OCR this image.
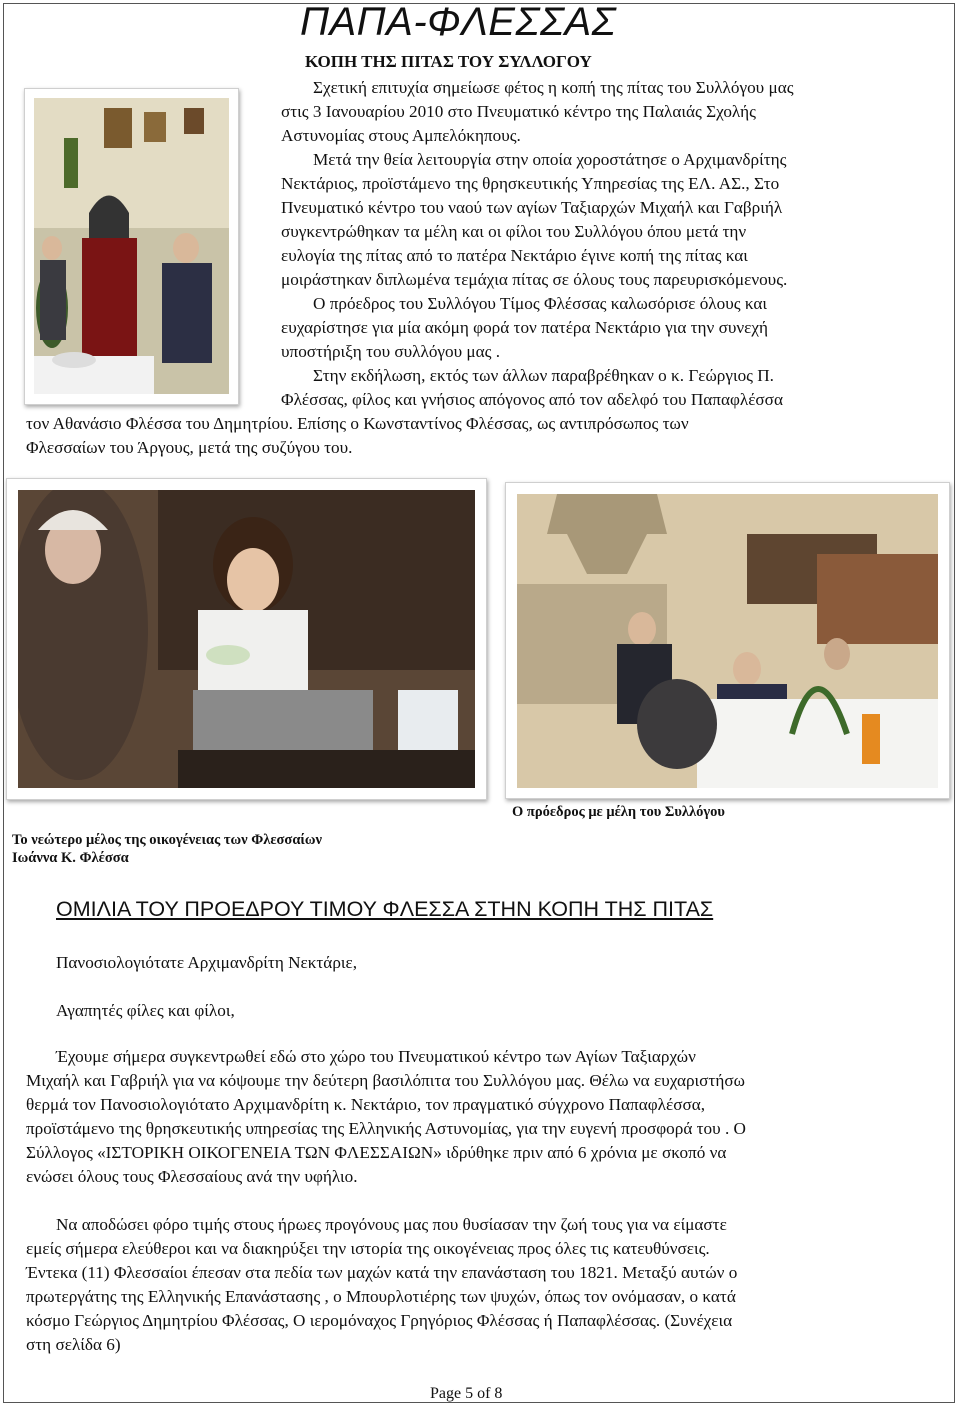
ΠΑΠΑ-ΦΛΕΣΣΑΣ
ΚΟΠΗ ΤΗΣ ΠΙΤΑΣ ΤΟΥ ΣΥΛΛΟΓΟΥ
Σχετική επιτυχία σημείωσε φέτος η κοπή της πίτας του Συλλόγου μας
στις 3 Ιανουαρίου 2010 στο Πνευματικό κέντρο της Παλαιάς Σχολής
Αστυνομίας στους Αμπελόκηπους.
Μετά την θεία λειτουργία στην οποία χοροστάτησε ο Αρχιμανδρίτης
Νεκτάριος, προϊστάμενο της θρησκευτικής Υπηρεσίας της ΕΛ. ΑΣ., Στο
Πνευματικό κέντρο του ναού των αγίων Ταξιαρχών Μιχαήλ και Γαβριήλ
συγκεντρώθηκαν τα μέλη και οι φίλοι του Συλλόγου όπου μετά την
ευλογία της πίτας από το πατέρα Νεκτάριο έγινε κοπή της πίτας και
μοιράστηκαν διπλωμένα τεμάχια πίτας σε όλους τους παρευρισκόμενους.
Ο πρόεδρος του Συλλόγου Τίμος Φλέσσας καλωσόρισε όλους και
ευχαρίστησε για μία ακόμη φορά τον πατέρα Νεκτάριο για την συνεχή
υποστήριξη του συλλόγου μας .
Στην εκδήλωση, εκτός των άλλων παραβρέθηκαν ο κ. Γεώργιος Π.
Φλέσσας, φίλος και γνήσιος απόγονος από τον αδελφό του Παπαφλέσσα
τον Αθανάσιο Φλέσσα του Δημητρίου. Επίσης ο Κωνσταντίνος Φλέσσας, ως αντιπρόσωπος των
Φλεσσαίων του Άργους, μετά της συζύγου του.
Ο πρόεδρος με μέλη του Συλλόγου
Το νεώτερο μέλος της οικογένειας των Φλεσσαίων
Ιωάννα Κ. Φλέσσα
ΟΜΙΛΙΑ ΤΟΥ ΠΡΟΕΔΡΟΥ ΤΙΜΟΥ ΦΛΕΣΣΑ ΣΤΗΝ ΚΟΠΗ ΤΗΣ ΠΙΤΑΣ
Πανοσιολογιότατε Αρχιμανδρίτη Νεκτάριε,
Αγαπητές φίλες και φίλοι,
Έχουμε σήμερα συγκεντρωθεί εδώ στο χώρο του Πνευματικού κέντρο των Αγίων Ταξιαρχών
Μιχαήλ και Γαβριήλ για να κόψουμε την δεύτερη βασιλόπιτα του Συλλόγου μας. Θέλω να ευχαριστήσω
θερμά τον Πανοσιολογιότατο Αρχιμανδρίτη κ. Νεκτάριο, τον πραγματικό σύγχρονο Παπαφλέσσα,
προϊστάμενο της θρησκευτικής υπηρεσίας της Ελληνικής Αστυνομίας, για την ευγενή προσφορά του . Ο
Σύλλογος «ΙΣΤΟΡΙΚΗ ΟΙΚΟΓΕΝΕΙΑ ΤΩΝ ΦΛΕΣΣΑΙΩΝ» ιδρύθηκε πριν από 6 χρόνια με σκοπό να
ενώσει όλους τους Φλεσσαίους ανά την υφήλιο.
Να αποδώσει φόρο τιμής στους ήρωες προγόνους μας που θυσίασαν την ζωή τους για να είμαστε
εμείς σήμερα ελεύθεροι και να διακηρύξει την ιστορία της οικογένειας προς όλες τις κατευθύνσεις.
Έντεκα (11) Φλεσσαίοι έπεσαν στα πεδία των μαχών κατά την επανάσταση του 1821. Μεταξύ αυτών ο
πρωτεργάτης της Ελληνικής Επανάστασης , ο Μπουρλοτιέρης των ψυχών, όπως τον ονόμασαν, ο κατά
κόσμο Γεώργιος Δημητρίου Φλέσσας, Ο ιερομόναχος Γρηγόριος Φλέσσας ή Παπαφλέσσας. (Συνέχεια
στη σελίδα 6)
Page 5 of 8
